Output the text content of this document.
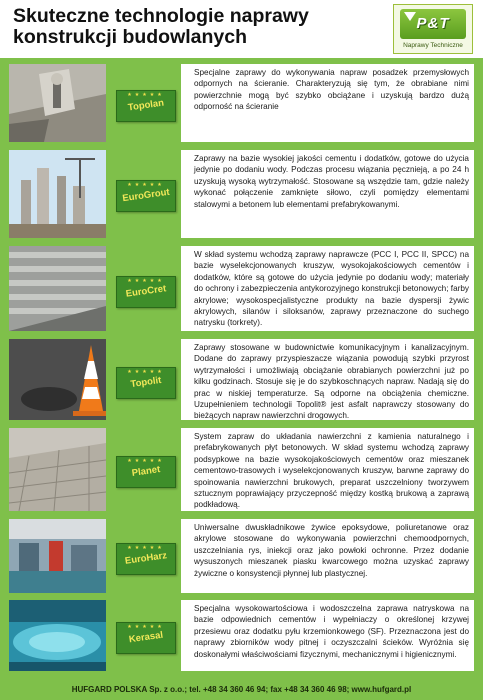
Skuteczne technologie naprawy
konstrukcji budowlanych
P&T
Naprawy Techniczne
★★★★★
Topolan
Specjalne zaprawy do wykonywania napraw posadzek przemysłowych odpornych na ścieranie. Charakteryzują się tym, że obrabiane nimi powierzchnie mogą być szybko obciążane i uzyskują bardzo dużą odporność na ścieranie
★★★★★
EuroGrout
Zaprawy na bazie wysokiej jakości cementu i dodatków, gotowe do użycia jedynie po dodaniu wody. Podczas procesu wiązania pęcznieją, a po 24 h uzyskują wysoką wytrzymałość. Stosowane są wszędzie tam, gdzie należy wykonać połączenie zamknięte siłowo, czyli pomiędzy elementami stalowymi a betonem lub elementami prefabrykowanymi.
★★★★★
EuroCret
W skład systemu wchodzą zaprawy naprawcze (PCC I, PCC II, SPCC) na bazie wyselekcjonowanych kruszyw, wysokojakościowych cementów i dodatków, które są gotowe do użycia jedynie po dodaniu wody; materiały do ochrony i zabezpieczenia antykorozyjnego konstrukcji betonowych; farby akrylowe; wysokospecjalistyczne produkty na bazie dyspersji żywic akrylowych, silanów i siloksanów, zaprawy przeznaczone do suchego natrysku (torkrety).
★★★★★
Topolit
Zaprawy stosowane w budownictwie komunikacyjnym i kanalizacyjnym. Dodane do zaprawy przyspieszacze wiązania powodują szybki przyrost wytrzymałości i umożliwiają obciążanie obrabianych powierzchni już po kilku godzinach. Stosuje się je do szybkoschnących napraw. Nadają się do prac w niskiej temperaturze. Są odporne na obciążenia chemiczne. Uzupełnieniem technologii Topolit® jest asfalt naprawczy stosowany do bieżących napraw nawierzchni drogowych.
★★★★★
Planet
System zapraw do układania nawierzchni z kamienia naturalnego i prefabrykowanych płyt betonowych. W skład systemu wchodzą zaprawy podsypkowe na bazie wysokojakościowych cementów oraz mieszanek cementowo-trasowych i wyselekcjonowanych kruszyw, barwne zaprawy do spoinowania nawierzchni brukowych, preparat uszczelniony tworzywem sztucznym poprawiający przyczepność między kostką brukową a zaprawą podkładową.
★★★★★
EuroHarz
Uniwersalne dwuskładnikowe żywice epoksydowe, poliuretanowe oraz akrylowe stosowane do wykonywania powierzchni chemoodpornych, uszczelniania rys, iniekcji oraz jako powłoki ochronne. Przez dodanie wysuszonych mieszanek piasku kwarcowego można uzyskać zaprawy żywiczne o konsystencji płynnej lub plastycznej.
★★★★★
Kerasal
Specjalna wysokowartościowa i wodoszczelna zaprawa natryskowa na bazie odpowiednich cementów i wypełniaczy o określonej krzywej przesiewu oraz dodatku pyłu krzemionkowego (SF). Przeznaczona jest do naprawy zbiorników wody pitnej i oczyszczalni ścieków. Wyróżnia się doskonałymi właściwościami fizycznymi, mechanicznymi i higienicznymi.
HUFGARD POLSKA Sp. z o.o.; tel. +48 34 360 46 94; fax +48 34 360 46 98; www.hufgard.pl
